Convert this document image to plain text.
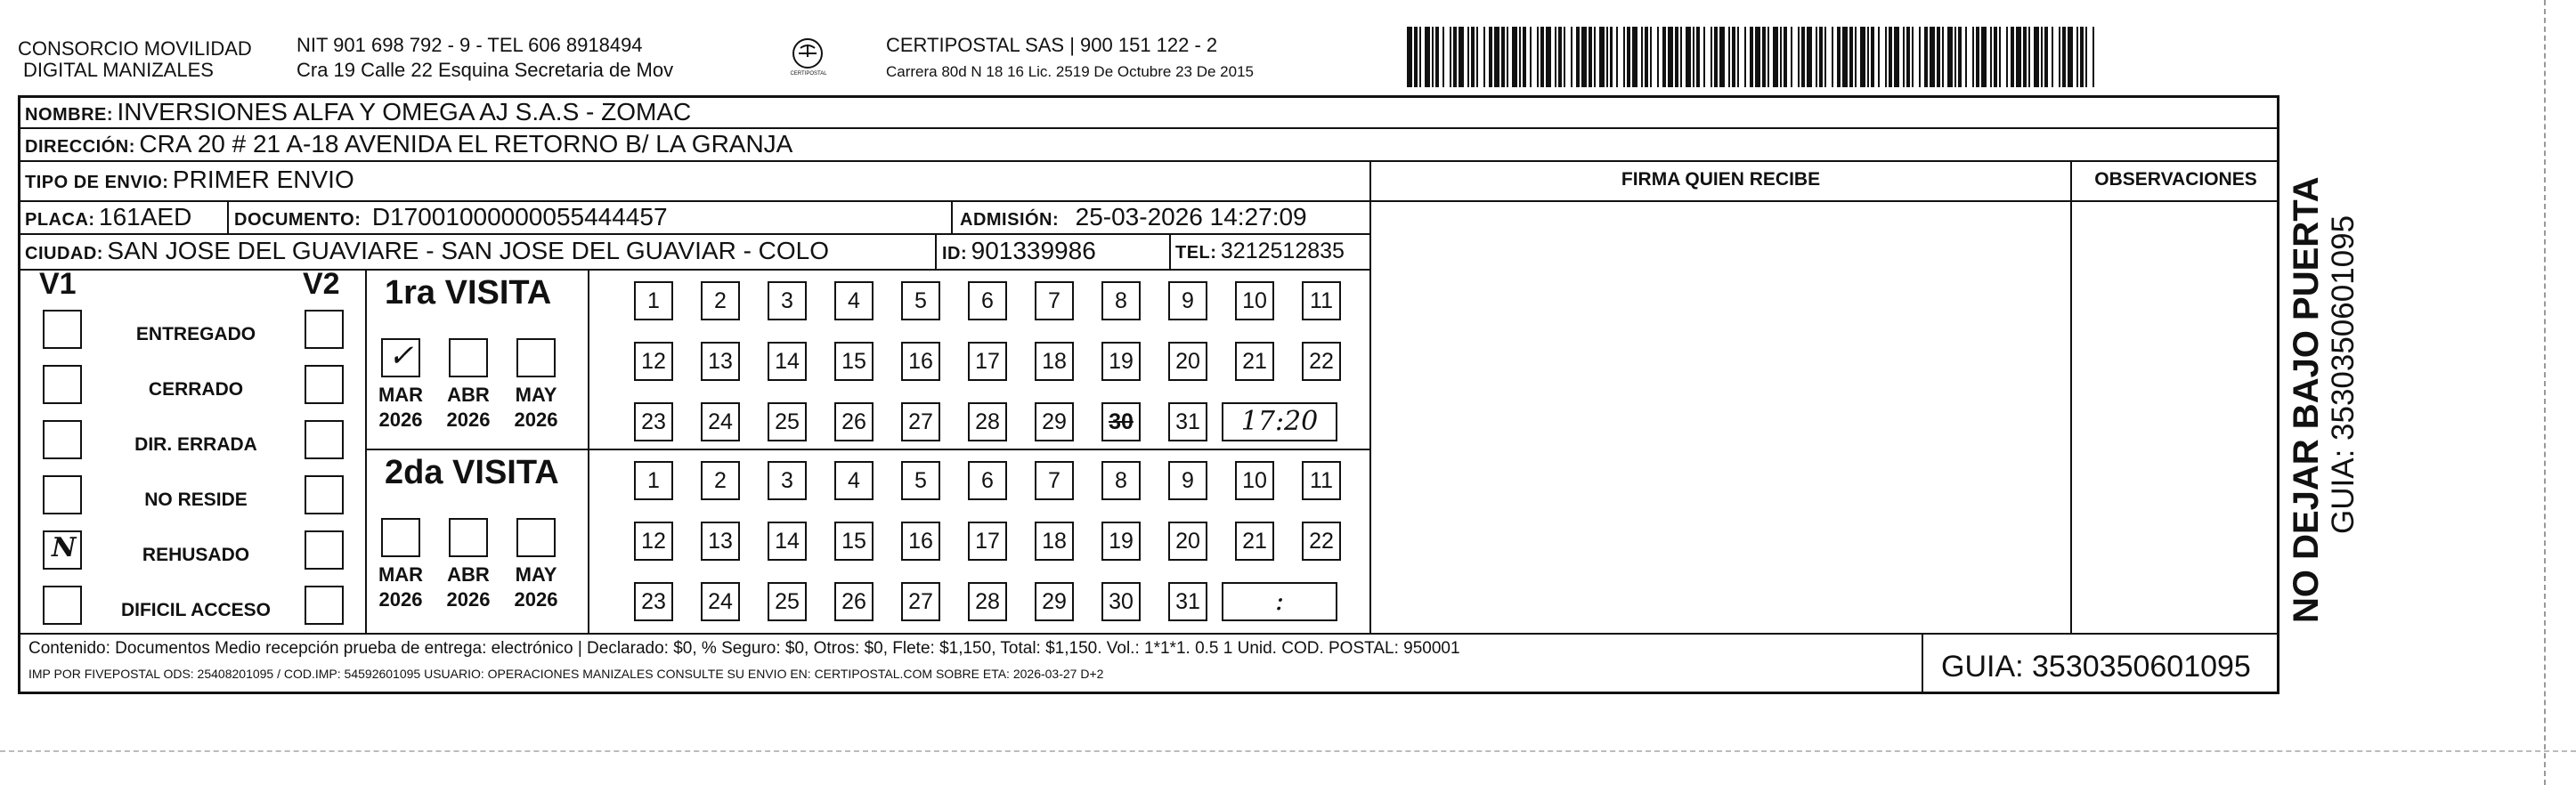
CONSORCIO MOVILIDAD
DIGITAL MANIZALES
NIT 901 698 792 - 9 - TEL 606 8918494
Cra 19 Calle 22 Esquina Secretaria de Mov	CERTIPOSTAL
CERTIPOSTAL SAS | 900 151 122 - 2
Carrera 80d N 18 16 Lic. 2519 De Octubre 23 De 2015
NOMBRE: INVERSIONES ALFA Y OMEGA AJ S.A.S - ZOMAC
DIRECCIÓN: CRA 20 # 21 A-18 AVENIDA EL RETORNO B/ LA GRANJA
TIPO DE ENVIO: PRIMER ENVIO	FIRMA QUIEN RECIBE	OBSERVACIONES
PLACA: 161AED DOCUMENTO: D17001000000055444457	ADMISIÓN: 25-03-2026 14:27:09
CIUDAD: SAN JOSE DEL GUAVIARE - SAN JOSE DEL GUAVIAR - COLO	ID: 901339986	TEL: 3212512835
V1	V2
ENTREGADO
CERRADO
DIR. ERRADA
NO RESIDE
N	REHUSADO
DIFICIL ACCESO
1ra VISITA
✓
MAR
2026
ABR
2026
MAY
2026
1	2	3	4	5	6	7	8	9	10	11
12	13	14	15	16	17	18	19	20	21	22
23	24	25	26	27	28	29	30	31	17:20
2da VISITA
MAR
2026
ABR
2026
MAY
2026
1	2	3	4	5	6	7	8	9	10	11
12	13	14	15	16	17	18	19	20	21	22
23	24	25	26	27	28	29	30	31	:
Contenido: Documentos Medio recepción prueba de entrega: electrónico | Declarado: $0, % Seguro: $0, Otros: $0, Flete: $1,150, Total: $1,150. Vol.: 1*1*1. 0.5 1 Unid. COD. POSTAL: 950001
IMP POR FIVEPOSTAL ODS: 25408201095 / COD.IMP: 54592601095 USUARIO: OPERACIONES MANIZALES CONSULTE SU ENVIO EN: CERTIPOSTAL.COM SOBRE ETA: 2026-03-27 D+2	GUIA: 3530350601095
NO DEJAR BAJO PUERTA GUIA: 3530350601095
